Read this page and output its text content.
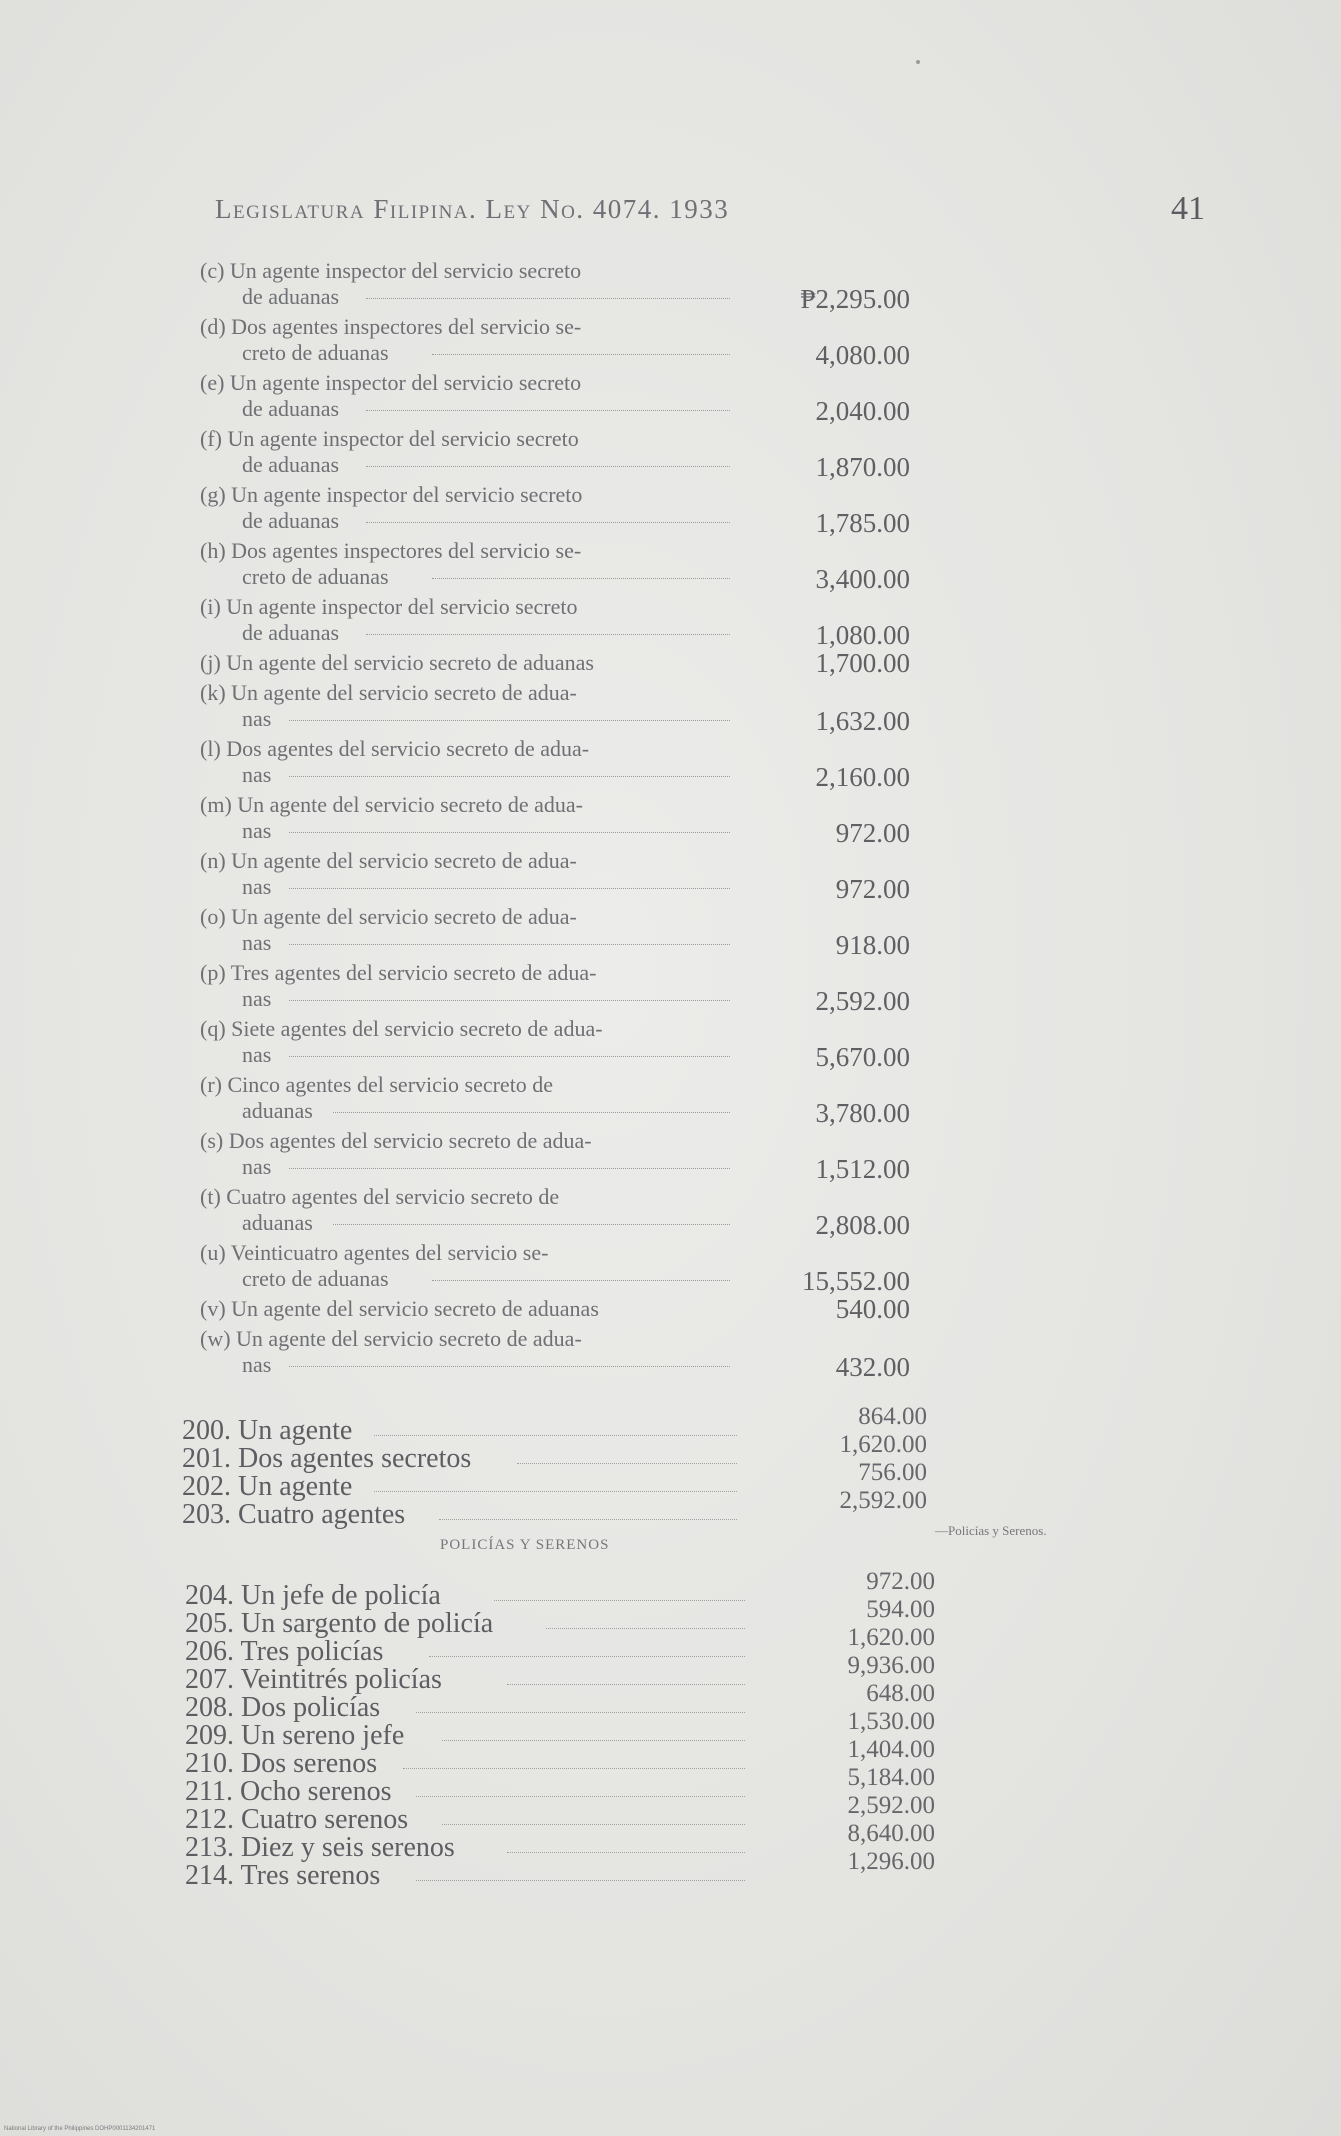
Legislatura Filipina. Ley No. 4074. 1933	41
(c) Un agente inspector del servicio secreto
de aduanas	₱2,295.00
(d) Dos agentes inspectores del servicio se-
creto de aduanas	4,080.00
(e) Un agente inspector del servicio secreto
de aduanas	2,040.00
(f) Un agente inspector del servicio secreto
de aduanas	1,870.00
(g) Un agente inspector del servicio secreto
de aduanas	1,785.00
(h) Dos agentes inspectores del servicio se-
creto de aduanas	3,400.00
(i) Un agente inspector del servicio secreto
de aduanas	1,080.00
(j) Un agente del servicio secreto de aduanas	1,700.00
(k) Un agente del servicio secreto de adua-
nas	1,632.00
(l) Dos agentes del servicio secreto de adua-
nas	2,160.00
(m) Un agente del servicio secreto de adua-
nas	972.00
(n) Un agente del servicio secreto de adua-
nas	972.00
(o) Un agente del servicio secreto de adua-
nas	918.00
(p) Tres agentes del servicio secreto de adua-
nas	2,592.00
(q) Siete agentes del servicio secreto de adua-
nas	5,670.00
(r) Cinco agentes del servicio secreto de
aduanas	3,780.00
(s) Dos agentes del servicio secreto de adua-
nas	1,512.00
(t) Cuatro agentes del servicio secreto de
aduanas	2,808.00
(u) Veinticuatro agentes del servicio se-
creto de aduanas	15,552.00
(v) Un agente del servicio secreto de aduanas	540.00
(w) Un agente del servicio secreto de adua-
nas	432.00
200. Un agente	864.00
201. Dos agentes secretos	1,620.00
202. Un agente	756.00
203. Cuatro agentes	2,592.00
POLICÍAS Y SERENOS
—Policías y Serenos.
204. Un jefe de policía	972.00
205. Un sargento de policía	594.00
206. Tres policías	1,620.00
207. Veintitrés policías	9,936.00
208. Dos policías	648.00
209. Un sereno jefe	1,530.00
210. Dos serenos	1,404.00
211. Ocho serenos	5,184.00
212. Cuatro serenos	2,592.00
213. Diez y seis serenos	8,640.00
214. Tres serenos	1,296.00
National Library of the Philippines DOHP0001134201471
